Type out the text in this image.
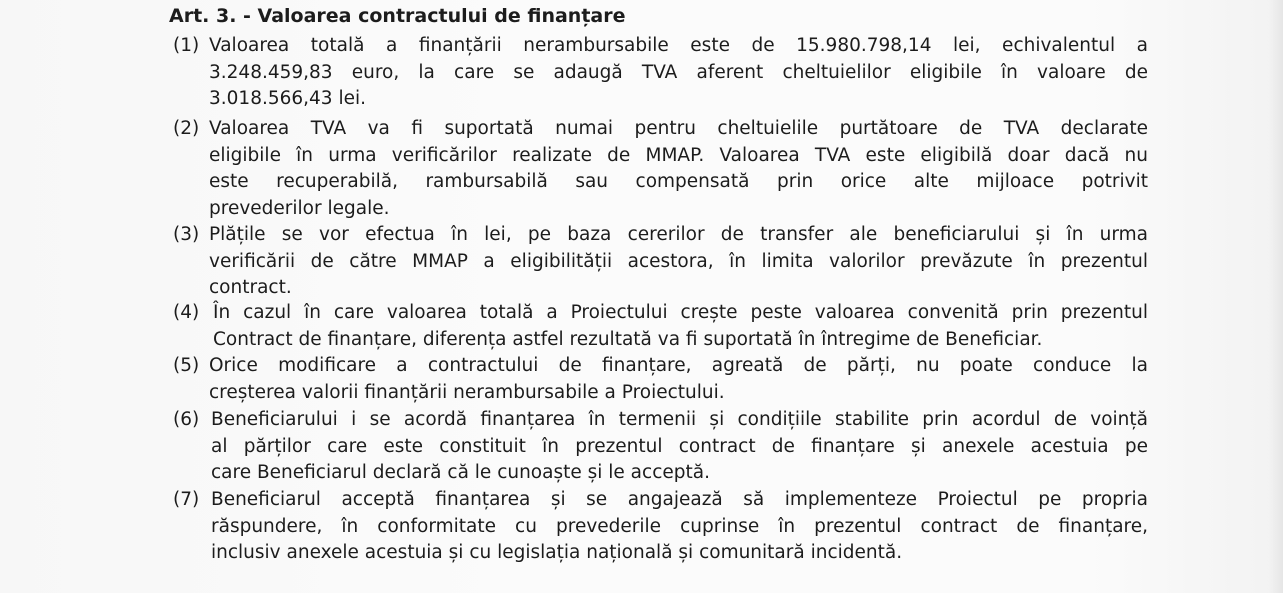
Art. 3. - Valoarea contractului de finanțare
(1) Valoarea totală a finanțării nerambursabile este de 15.980.798,14 lei, echivalentul a
3.248.459,83 euro, la care se adaugă TVA aferent cheltuielilor eligibile în valoare de
3.018.566,43 lei.
(2) Valoarea TVA va fi suportată numai pentru cheltuielile purtătoare de TVA declarate
eligibile în urma verificărilor realizate de MMAP. Valoarea TVA este eligibilă doar dacă nu
este recuperabilă, rambursabilă sau compensată prin orice alte mijloace potrivit
prevederilor legale.
(3) Plățile se vor efectua în lei, pe baza cererilor de transfer ale beneficiarului și în urma
verificării de către MMAP a eligibilității acestora, în limita valorilor prevăzute în prezentul
contract.
(4) În cazul în care valoarea totală a Proiectului crește peste valoarea convenită prin prezentul
Contract de finanțare, diferența astfel rezultată va fi suportată în întregime de Beneficiar.
(5) Orice modificare a contractului de finanțare, agreată de părți, nu poate conduce la
creșterea valorii finanțării nerambursabile a Proiectului.
(6) Beneficiarului i se acordă finanțarea în termenii și condițiile stabilite prin acordul de voință
al părților care este constituit în prezentul contract de finanțare și anexele acestuia pe
care Beneficiarul declară că le cunoaște și le acceptă.
(7) Beneficiarul acceptă finanțarea și se angajează să implementeze Proiectul pe propria
răspundere, în conformitate cu prevederile cuprinse în prezentul contract de finanțare,
inclusiv anexele acestuia și cu legislația națională și comunitară incidentă.
